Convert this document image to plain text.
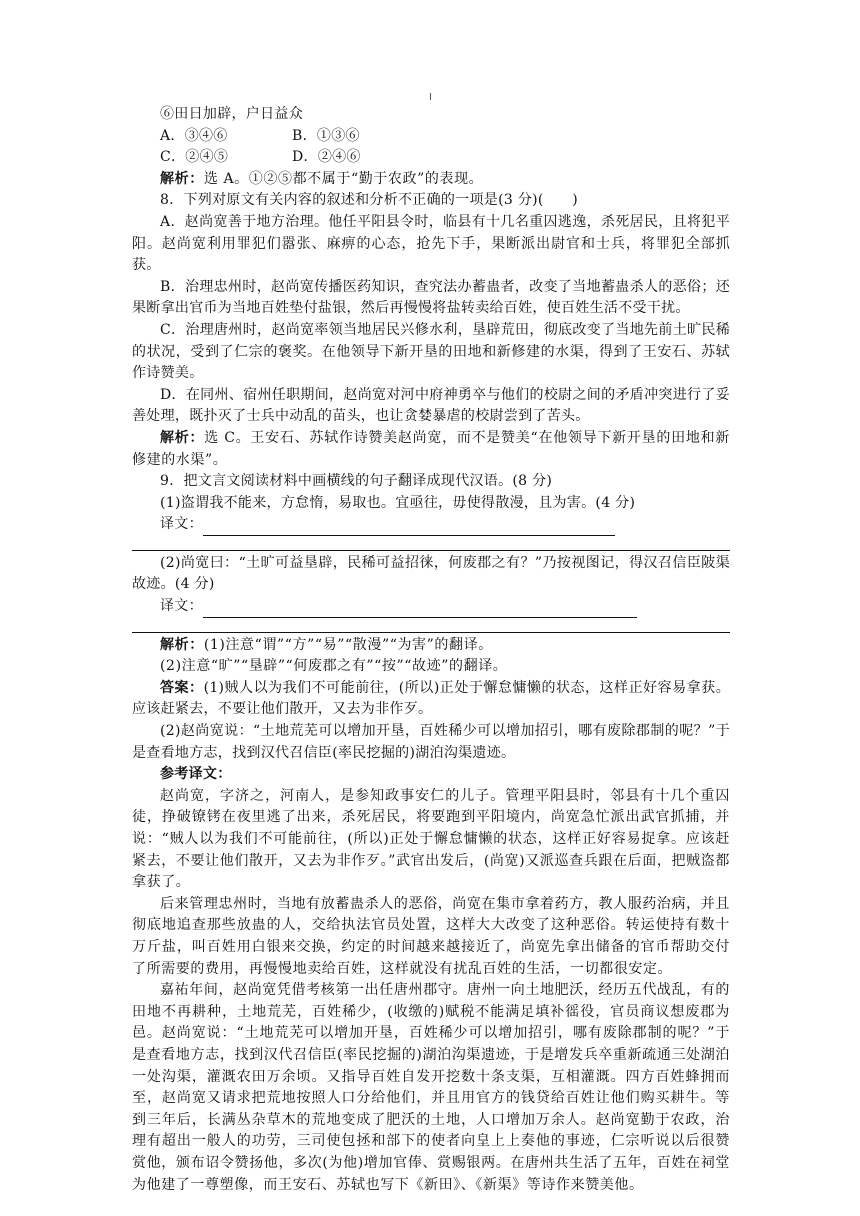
⑥田日加辟，户日益众
A．③④⑥	B．①③⑥
C．②④⑤	D．②④⑥
解析：选 A。①②⑤都不属于“勤于农政”的表现。
8．下列对原文有关内容的叙述和分析不正确的一项是(3 分)(　　)
A．赵尚宽善于地方治理。他任平阳县令时，临县有十几名重囚逃逸，杀死居民，且将犯平阳。赵尚宽利用罪犯们嚣张、麻痹的心态，抢先下手，果断派出尉官和士兵，将罪犯全部抓获。
B．治理忠州时，赵尚宽传播医药知识，查究法办蓄蛊者，改变了当地蓄蛊杀人的恶俗；还果断拿出官币为当地百姓垫付盐银，然后再慢慢将盐转卖给百姓，使百姓生活不受干扰。
C．治理唐州时，赵尚宽率领当地居民兴修水利，垦辟荒田，彻底改变了当地先前土旷民稀的状况，受到了仁宗的褒奖。在他领导下新开垦的田地和新修建的水渠，得到了王安石、苏轼作诗赞美。
D．在同州、宿州任职期间，赵尚宽对河中府神勇卒与他们的校尉之间的矛盾冲突进行了妥善处理，既扑灭了士兵中动乱的苗头，也让贪婪暴虐的校尉尝到了苦头。
解析：选 C。王安石、苏轼作诗赞美赵尚宽，而不是赞美“在他领导下新开垦的田地和新修建的水渠”。
9．把文言文阅读材料中画横线的句子翻译成现代汉语。(8 分)
(1)盗谓我不能来，方怠惰，易取也。宜亟往，毋使得散漫，且为害。(4 分)
译文：
(2)尚宽曰：“土旷可益垦辟，民稀可益招徕，何废郡之有？”乃按视图记，得汉召信臣陂渠故迹。(4 分)
译文：
解析：(1)注意“谓”“方”“易”“散漫”“为害”的翻译。
(2)注意“旷”“垦辟”“何废郡之有”“按”“故迹”的翻译。
答案：(1)贼人以为我们不可能前往，(所以)正处于懈怠慵懒的状态，这样正好容易拿获。应该赶紧去，不要让他们散开，又去为非作歹。
(2)赵尚宽说：“土地荒芜可以增加开垦，百姓稀少可以增加招引，哪有废除郡制的呢？”于是查看地方志，找到汉代召信臣(率民挖掘的)湖泊沟渠遗迹。
参考译文：
赵尚宽，字济之，河南人，是参知政事安仁的儿子。管理平阳县时，邻县有十几个重囚徒，挣破镣铐在夜里逃了出来，杀死居民，将要跑到平阳境内，尚宽急忙派出武官抓捕，并说：“贼人以为我们不可能前往，(所以)正处于懈怠慵懒的状态，这样正好容易捉拿。应该赶紧去，不要让他们散开，又去为非作歹。”武官出发后，(尚宽)又派巡查兵跟在后面，把贼盗都拿获了。
后来管理忠州时，当地有放蓄蛊杀人的恶俗，尚宽在集市拿着药方，教人服药治病，并且彻底地追查那些放蛊的人，交给执法官员处置，这样大大改变了这种恶俗。转运使持有数十万斤盐，叫百姓用白银来交换，约定的时间越来越接近了，尚宽先拿出储备的官币帮助交付了所需要的费用，再慢慢地卖给百姓，这样就没有扰乱百姓的生活，一切都很安定。
嘉祐年间，赵尚宽凭借考核第一出任唐州郡守。唐州一向土地肥沃，经历五代战乱，有的田地不再耕种，土地荒芜，百姓稀少，(收缴的)赋税不能满足填补徭役，官员商议想废郡为邑。赵尚宽说：“土地荒芜可以增加开垦，百姓稀少可以增加招引，哪有废除郡制的呢？”于是查看地方志，找到汉代召信臣(率民挖掘的)湖泊沟渠遗迹，于是增发兵卒重新疏通三处湖泊一处沟渠，灌溉农田万余顷。又指导百姓自发开挖数十条支渠，互相灌溉。四方百姓蜂拥而至，赵尚宽又请求把荒地按照人口分给他们，并且用官方的钱贷给百姓让他们购买耕牛。等到三年后，长满丛杂草木的荒地变成了肥沃的土地，人口增加万余人。赵尚宽勤于农政，治理有超出一般人的功劳，三司使包拯和部下的使者向皇上上奏他的事迹，仁宗听说以后很赞赏他，颁布诏令赞扬他，多次(为他)增加官俸、赏赐银两。在唐州共生活了五年，百姓在祠堂为他建了一尊塑像，而王安石、苏轼也写下《新田》、《新渠》等诗作来赞美他。
